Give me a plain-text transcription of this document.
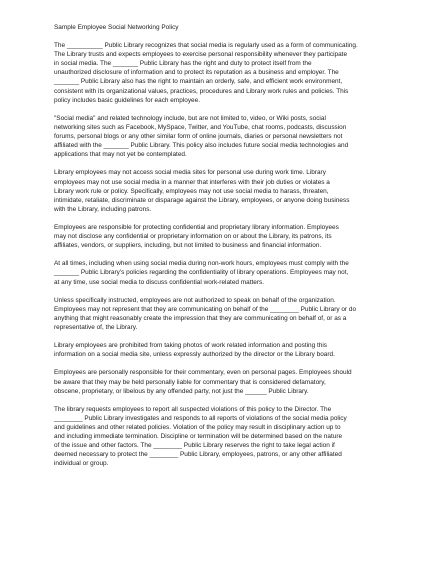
Sample Employee Social Networking Policy
The __________ Public Library recognizes that social media is regularly used as a form of communicating.
The Library trusts and expects employees to exercise personal responsibility whenever they participate
in social media. The _______ Public Library has the right and duty to protect itself from the
unauthorized disclosure of information and to protect its reputation as a business and employer. The
_______ Public Library also has the right to maintain an orderly, safe, and efficient work environment,
consistent with its organizational values, practices, procedures and Library work rules and policies. This
policy includes basic guidelines for each employee.
"Social media" and related technology include, but are not limited to, video, or Wiki posts, social
networking sites such as Facebook, MySpace, Twitter, and YouTube, chat rooms, podcasts, discussion
forums, personal blogs or any other similar form of online journals, diaries or personal newsletters not
affiliated with the _______ Public Library. This policy also includes future social media technologies and
applications that may not yet be contemplated.
Library employees may not access social media sites for personal use during work time. Library
employees may not use social media in a manner that interferes with their job duties or violates a
Library work rule or policy. Specifically, employees may not use social media to harass, threaten,
intimidate, retaliate, discriminate or disparage against the Library, employees, or anyone doing business
with the Library, including patrons.
Employees are responsible for protecting confidential and proprietary library information. Employees
may not disclose any confidential or proprietary information on or about the Library, its patrons, its
affiliates, vendors, or suppliers, including, but not limited to business and financial information.
At all times, including when using social media during non-work hours, employees must comply with the
_______ Public Library's policies regarding the confidentiality of library operations. Employees may not,
at any time, use social media to discuss confidential work-related matters.
Unless specifically instructed, employees are not authorized to speak on behalf of the organization.
Employees may not represent that they are communicating on behalf of the ________ Public Library or do
anything that might reasonably create the impression that they are communicating on behalf of, or as a
representative of, the Library.
Library employees are prohibited from taking photos of work related information and posting this
information on a social media site, unless expressly authorized by the director or the Library board.
Employees are personally responsible for their commentary, even on personal pages. Employees should
be aware that they may be held personally liable for commentary that is considered defamatory,
obscene, proprietary, or libelous by any offended party, not just the ______ Public Library.
The library requests employees to report all suspected violations of this policy to the Director. The
________ Public Library investigates and responds to all reports of violations of the social media policy
and guidelines and other related policies. Violation of the policy may result in disciplinary action up to
and including immediate termination. Discipline or termination will be determined based on the nature
of the issue and other factors. The ________ Public Library reserves the right to take legal action if
deemed necessary to protect the ________ Public Library, employees, patrons, or any other affiliated
individual or group.
